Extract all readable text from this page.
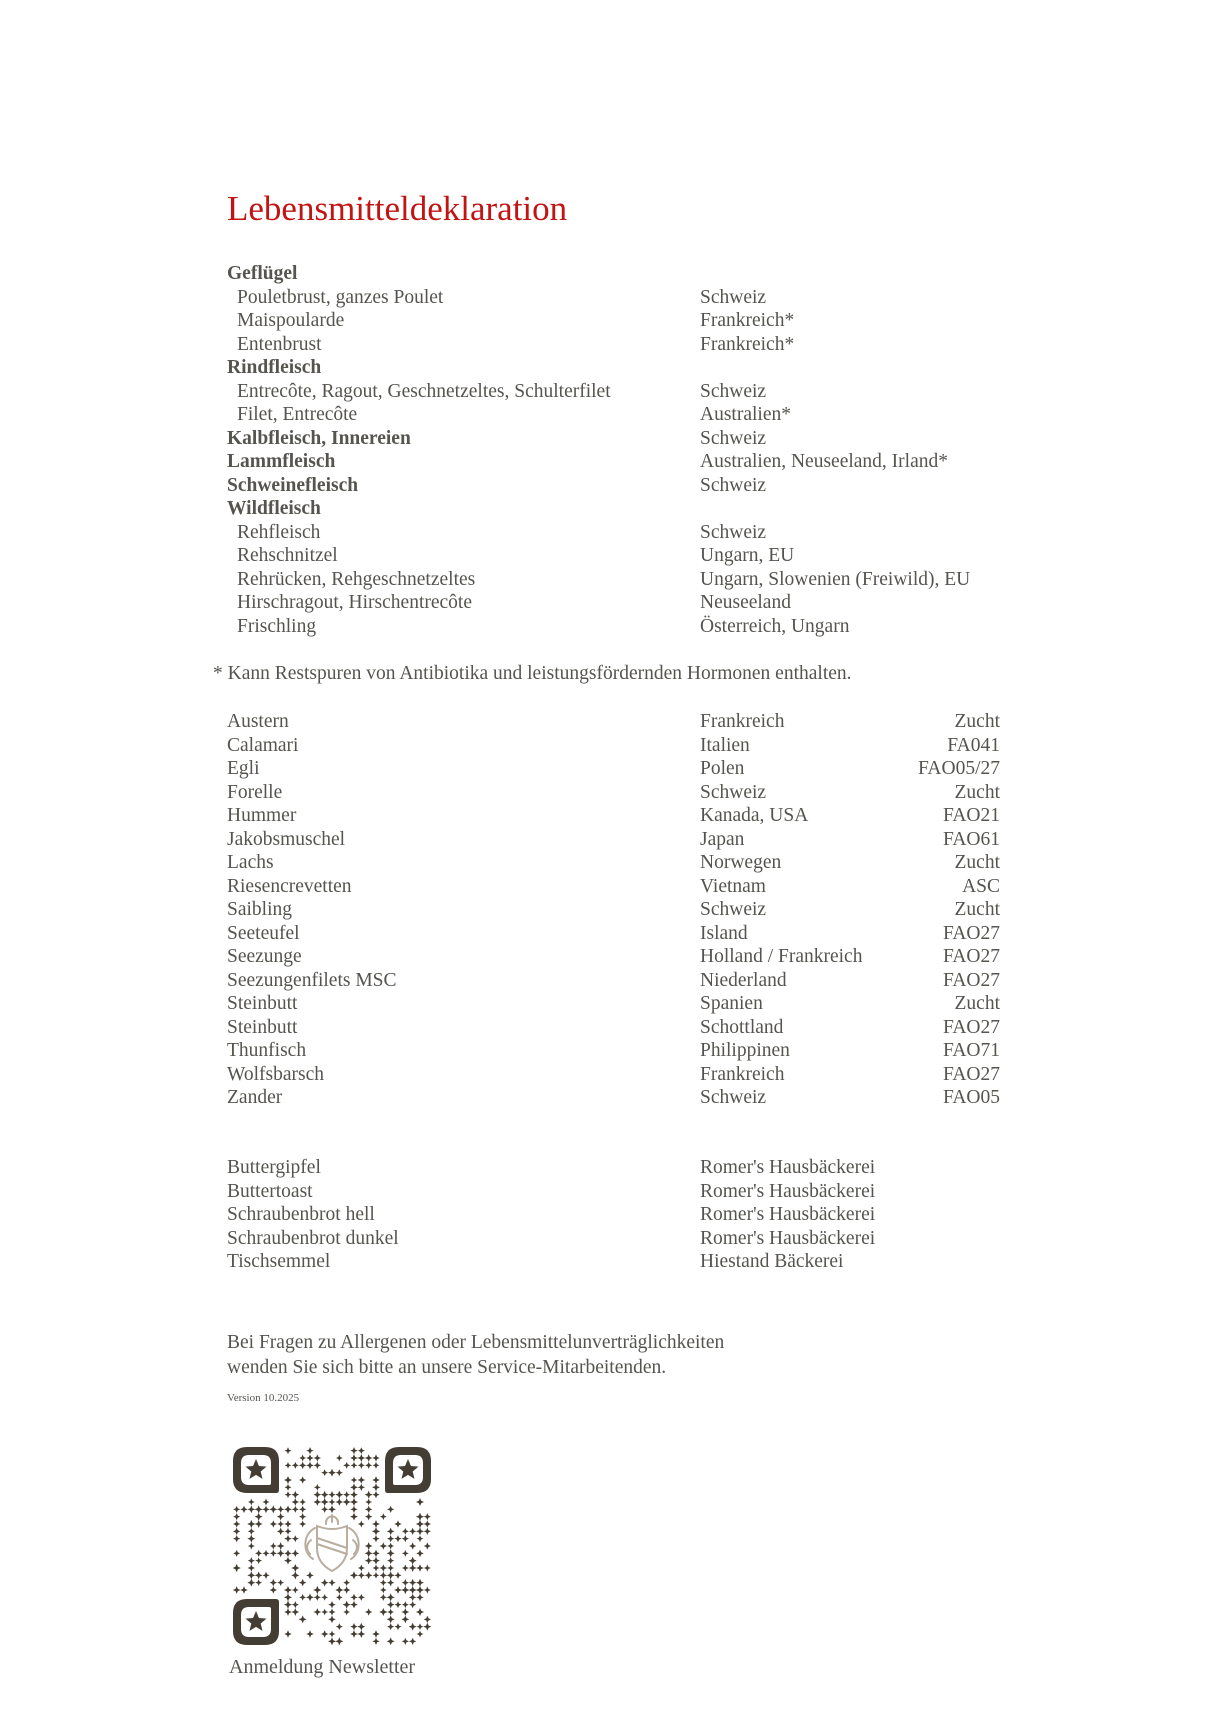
Lebensmitteldeklaration
Geflügel
Pouletbrust, ganzes Poulet	Schweiz
Maispoularde	Frankreich*
Entenbrust	Frankreich*
Rindfleisch
Entrecôte, Ragout, Geschnetzeltes, Schulterfilet	Schweiz
Filet, Entrecôte	Australien*
Kalbfleisch, Innereien	Schweiz
Lammfleisch	Australien, Neuseeland, Irland*
Schweinefleisch	Schweiz
Wildfleisch
Rehfleisch	Schweiz
Rehschnitzel	Ungarn, EU
Rehrücken, Rehgeschnetzeltes	Ungarn, Slowenien (Freiwild), EU
Hirschragout, Hirschentrecôte	Neuseeland
Frischling	Österreich, Ungarn
* Kann Restspuren von Antibiotika und leistungsfördernden Hormonen enthalten.
Austern	Frankreich	Zucht
Calamari	Italien	FA041
Egli	Polen	FAO05/27
Forelle	Schweiz	Zucht
Hummer	Kanada, USA	FAO21
Jakobsmuschel	Japan	FAO61
Lachs	Norwegen	Zucht
Riesencrevetten	Vietnam	ASC
Saibling	Schweiz	Zucht
Seeteufel	Island	FAO27
Seezunge	Holland / Frankreich	FAO27
Seezungenfilets MSC	Niederland	FAO27
Steinbutt	Spanien	Zucht
Steinbutt	Schottland	FAO27
Thunfisch	Philippinen	FAO71
Wolfsbarsch	Frankreich	FAO27
Zander	Schweiz	FAO05
Buttergipfel	Romer's Hausbäckerei
Buttertoast	Romer's Hausbäckerei
Schraubenbrot hell	Romer's Hausbäckerei
Schraubenbrot dunkel	Romer's Hausbäckerei
Tischsemmel	Hiestand Bäckerei
Bei Fragen zu Allergenen oder Lebensmittelunverträglichkeiten
wenden Sie sich bitte an unsere Service-Mitarbeitenden.
Version 10.2025
Anmeldung Newsletter
